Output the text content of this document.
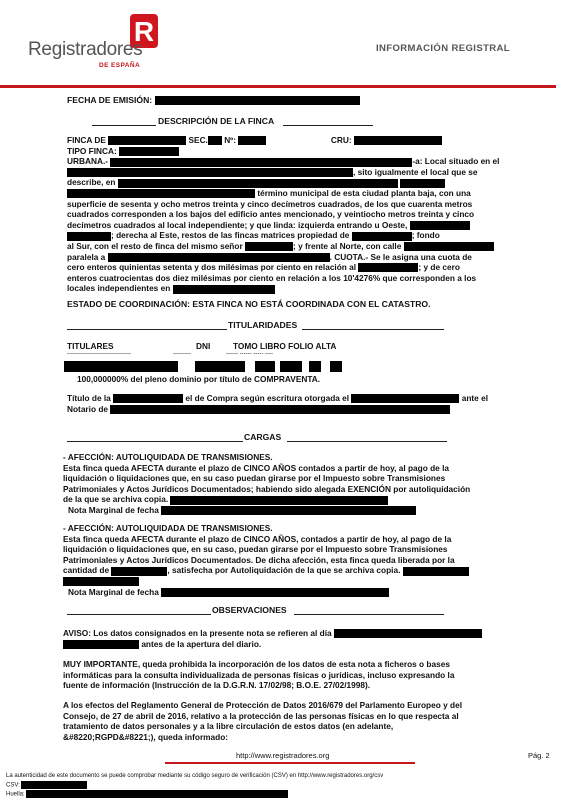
R
Registradores
DE ESPAÑA
INFORMACIÓN REGISTRAL
FECHA DE EMISIÓN:
DESCRIPCIÓN DE LA FINCA
FINCA DE	SEC. Nº:	CRU:
TIPO FINCA:
URBANA.-	-a: Local situado en el
, sito igualmente el local que se
describe, en
término municipal de esta ciudad planta baja, con una
superficie de sesenta y ocho metros treinta y cinco decímetros cuadrados, de los que cuarenta metros
cuadrados corresponden a los bajos del edificio antes mencionado, y veintiocho metros treinta y cinco
decímetros cuadrados al local independiente; y que linda: izquierda entrando u Oeste,
; derecha al Este, restos de las fincas matrices propiedad de	; fondo
al Sur, con el resto de finca del mismo señor	; y frente al Norte, con calle
paralela a	. CUOTA.- Se le asigna una cuota de
cero enteros quinientas setenta y dos milésimas por ciento en relación al	; y de cero
enteros cuatrocientas dos diez milésimas por ciento en relación a los 10'4276% que corresponden a los
locales independientes en
ESTADO DE COORDINACIÓN: ESTA FINCA NO ESTÁ COORDINADA CON EL CATASTRO.
TITULARIDADES
TITULARES	DNI	TOMO LIBRO FOLIO ALTA
--------------------------------	---------	------ ------ ----- ----
100,000000% del pleno dominio por título de COMPRAVENTA.
Título de la	el de Compra según escritura otorgada el	ante el
Notario de
CARGAS
- AFECCIÓN: AUTOLIQUIDADA DE TRANSMISIONES.
Esta finca queda AFECTA durante el plazo de CINCO AÑOS contados a partir de hoy, al pago de la
liquidación o liquidaciones que, en su caso puedan girarse por el Impuesto sobre Transmisiones
Patrimoniales y Actos Jurídicos Documentados; habiendo sido alegada EXENCIÓN por autoliquidación
de la que se archiva copia.
Nota Marginal de fecha
- AFECCIÓN: AUTOLIQUIDADA DE TRANSMISIONES.
Esta finca queda AFECTA durante el plazo de CINCO AÑOS, contados a partir de hoy, al pago de la
liquidación o liquidaciones que, en su caso, puedan girarse por el Impuesto sobre Transmisiones
Patrimoniales y Actos Jurídicos Documentados. De dicha afección, esta finca queda liberada por la
cantidad de	, satisfecha por Autoliquidación de la que se archiva copia.
Nota Marginal de fecha
OBSERVACIONES
AVISO: Los datos consignados en la presente nota se refieren al día
antes de la apertura del diario.
MUY IMPORTANTE, queda prohibida la incorporación de los datos de esta nota a ficheros o bases
informáticas para la consulta individualizada de personas físicas o jurídicas, incluso expresando la
fuente de información (Instrucción de la D.G.R.N. 17/02/98; B.O.E. 27/02/1998).
A los efectos del Reglamento General de Protección de Datos 2016/679 del Parlamento Europeo y del
Consejo, de 27 de abril de 2016, relativo a la protección de las personas físicas en lo que respecta al
tratamiento de datos personales y a la libre circulación de estos datos (en adelante,
&#8220;RGPD&#8221;), queda informado:
http://www.registradores.org	Pág. 2
La autenticidad de este documento se puede comprobar mediante su código seguro de verificación (CSV) en http://www.registradores.org/csv
CSV:
Huella:
